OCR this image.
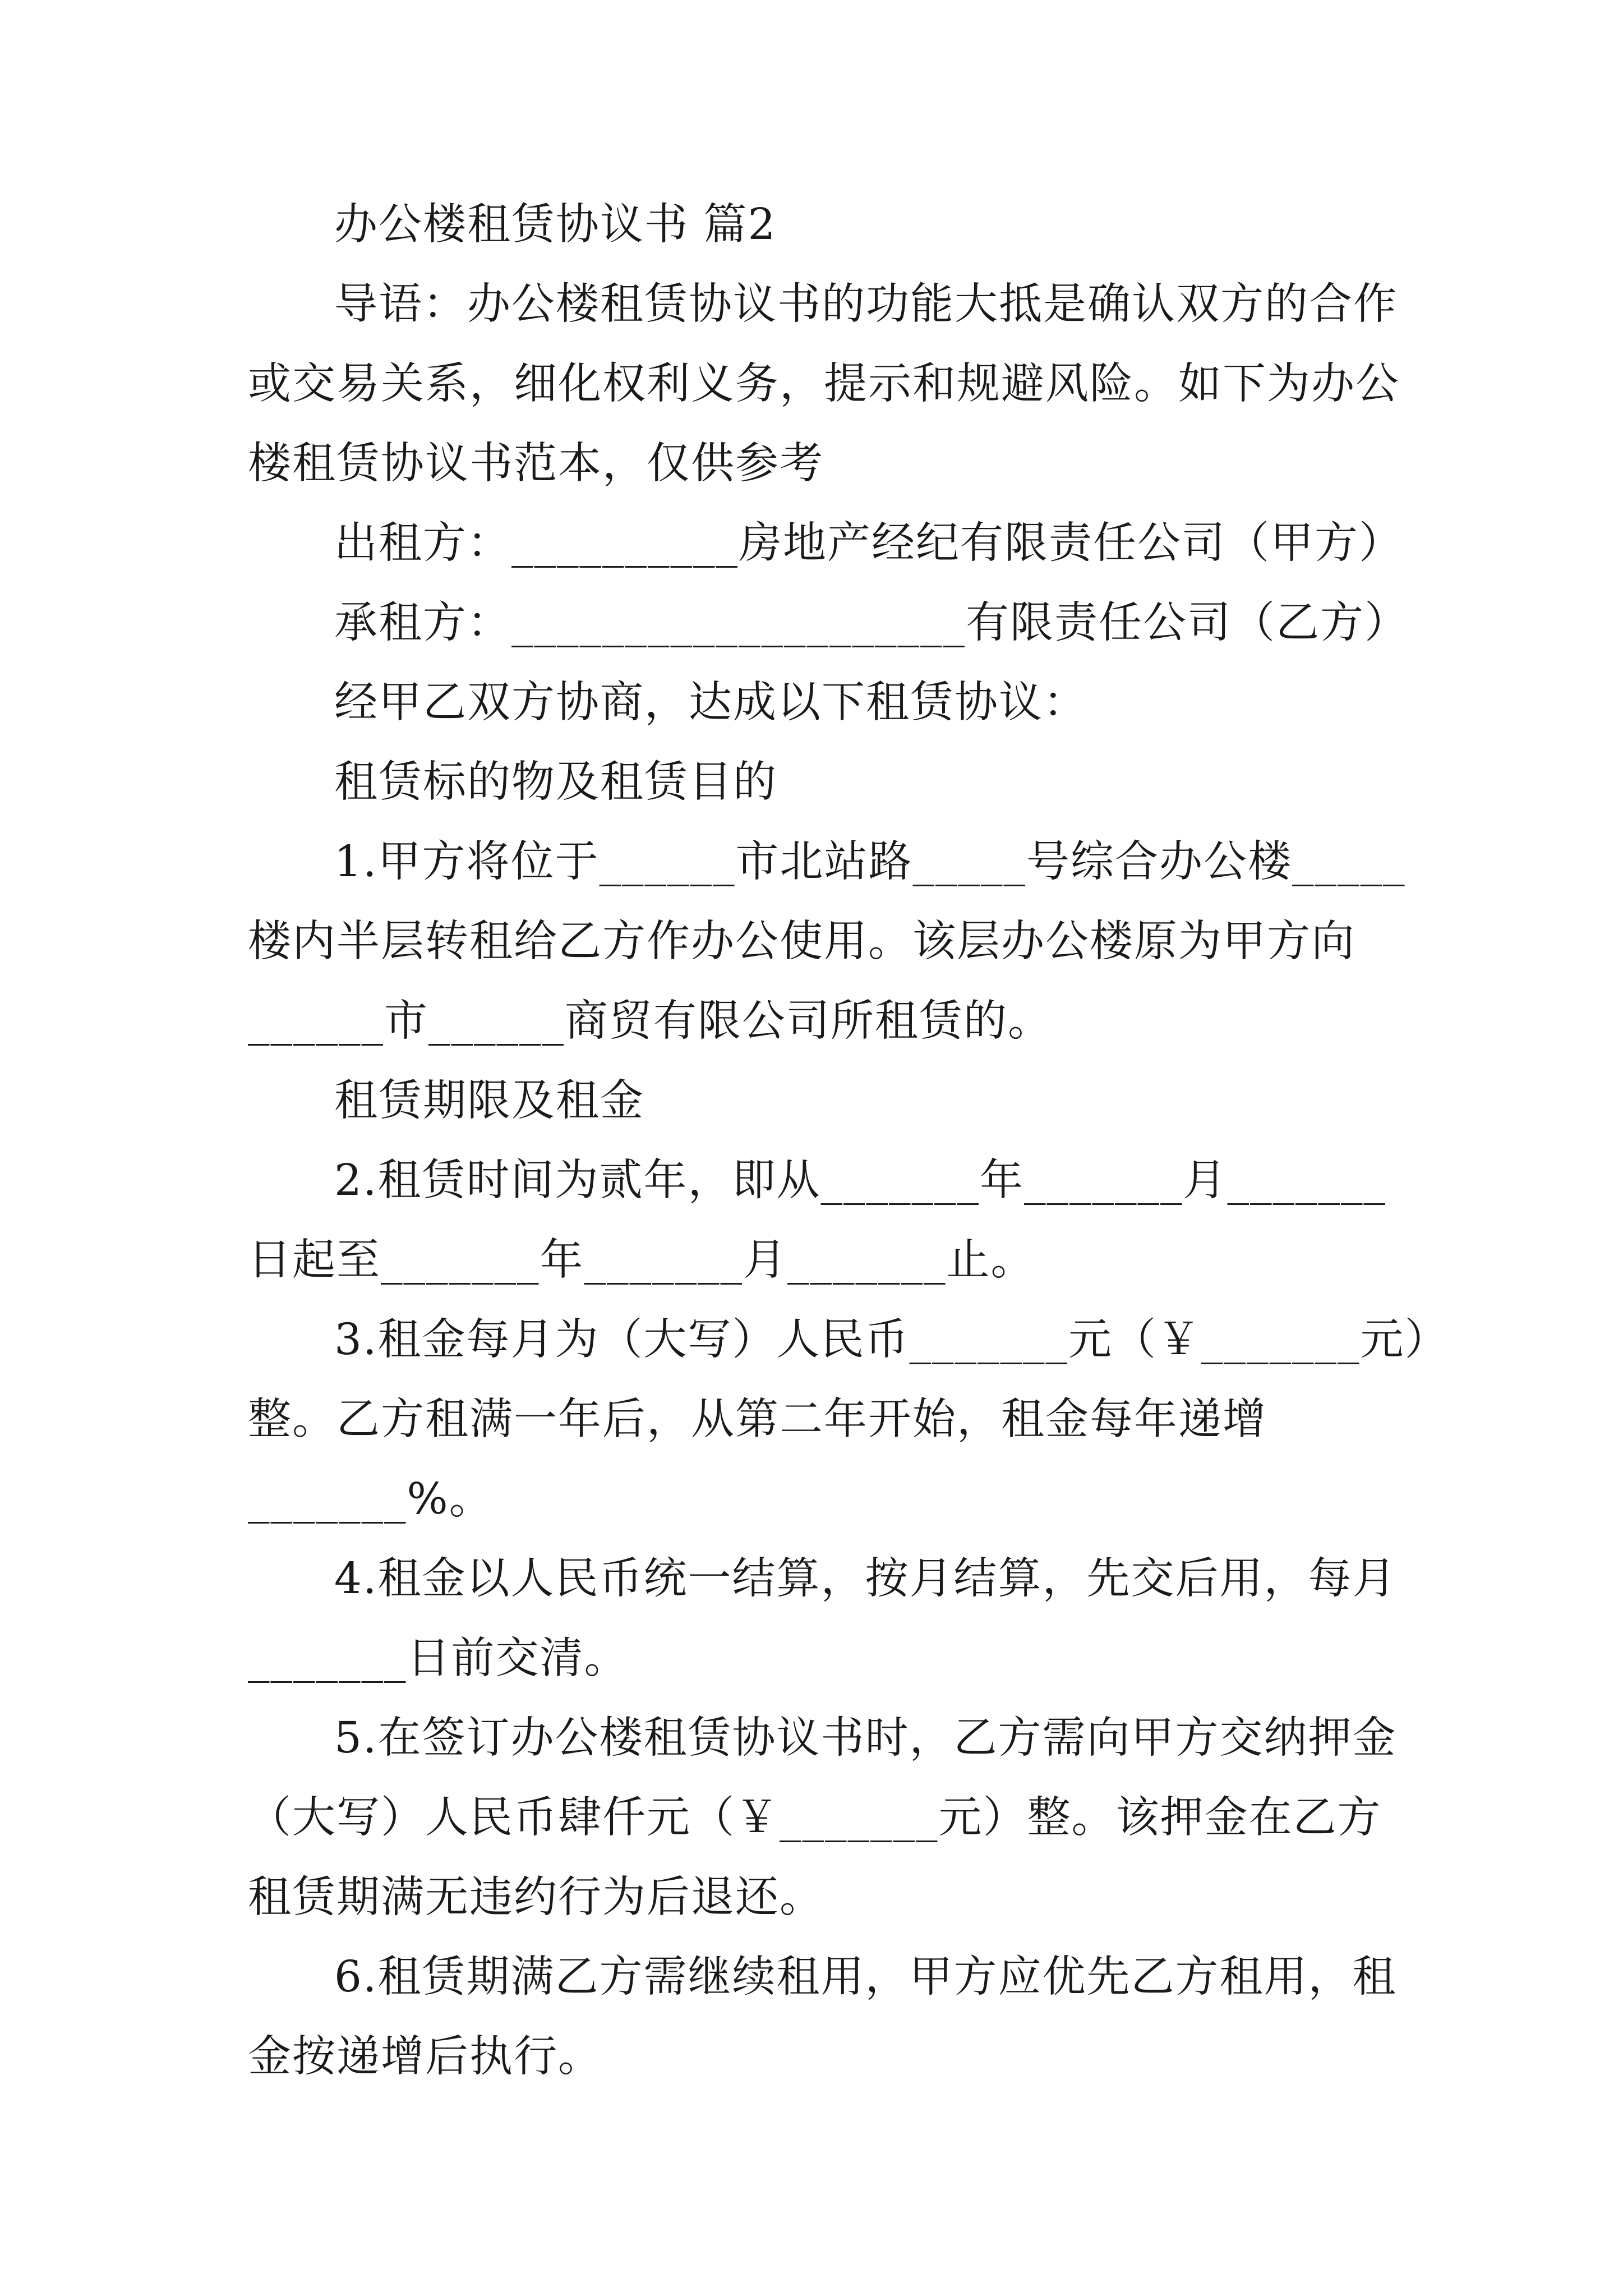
办公楼租赁协议书 篇2
导语：办公楼租赁协议书的功能大抵是确认双方的合作
或交易关系，细化权利义务，提示和规避风险。如下为办公
楼租赁协议书范本，仅供参考
出租方：__________房地产经纪有限责任公司（甲方）
承租方：____________________有限责任公司（乙方）
经甲乙双方协商，达成以下租赁协议：
租赁标的物及租赁目的
1.甲方将位于______市北站路_____号综合办公楼_____
楼内半层转租给乙方作办公使用。该层办公楼原为甲方向
______市______商贸有限公司所租赁的。
租赁期限及租金
2.租赁时间为贰年，即从_______年_______月_______
日起至_______年_______月_______止。
3.租金每月为（大写）人民币_______元（￥_______元）
整。乙方租满一年后，从第二年开始，租金每年递增
_______%。
4.租金以人民币统一结算，按月结算，先交后用，每月
_______日前交清。
5.在签订办公楼租赁协议书时，乙方需向甲方交纳押金
（大写）人民币肆仟元（￥_______元）整。该押金在乙方
租赁期满无违约行为后退还。
6.租赁期满乙方需继续租用，甲方应优先乙方租用，租
金按递增后执行。
